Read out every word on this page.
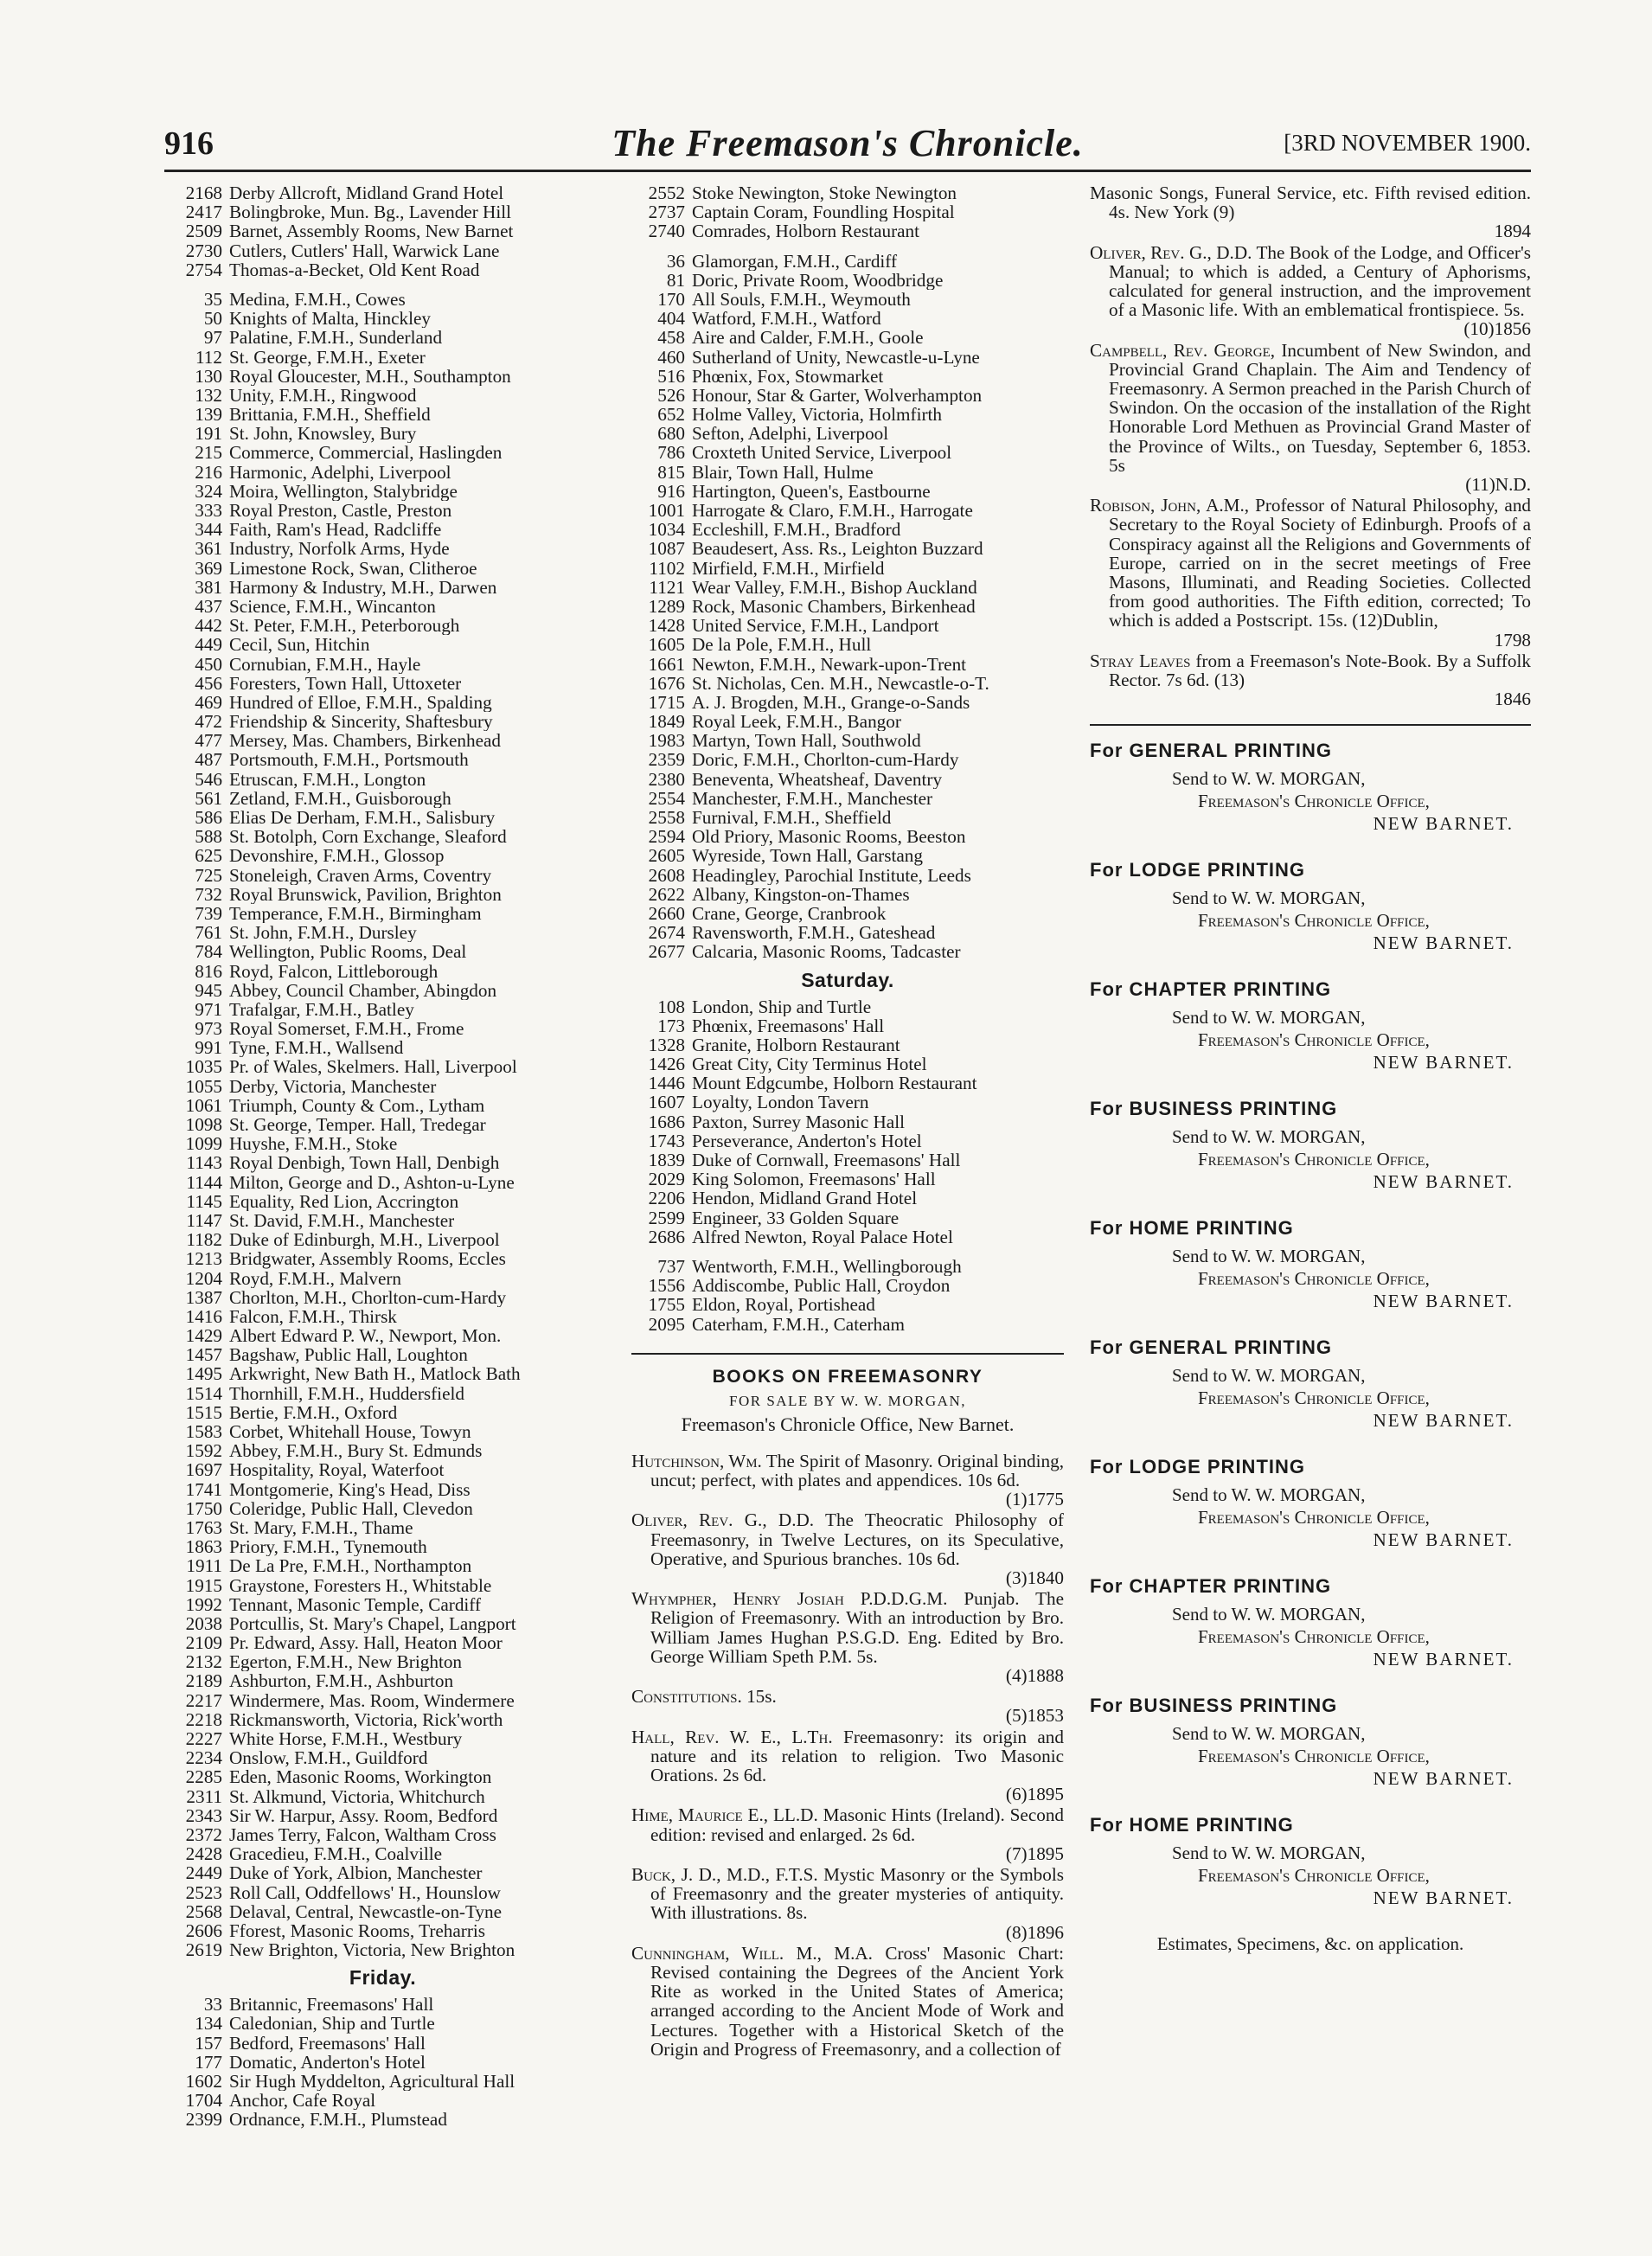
916	The Freemason's Chronicle.	[3RD NOVEMBER 1900.
2168 Derby Allcroft, Midland Grand Hotel
2417 Bolingbroke, Mun. Bg., Lavender Hill
2509 Barnet, Assembly Rooms, New Barnet
2730 Cutlers, Cutlers' Hall, Warwick Lane
2754 Thomas-a-Becket, Old Kent Road
35 Medina, F.M.H., Cowes
50 Knights of Malta, Hinckley
97 Palatine, F.M.H., Sunderland
112 St. George, F.M.H., Exeter
130 Royal Gloucester, M.H., Southampton
132 Unity, F.M.H., Ringwood
139 Brittania, F.M.H., Sheffield
191 St. John, Knowsley, Bury
215 Commerce, Commercial, Haslingden
216 Harmonic, Adelphi, Liverpool
324 Moira, Wellington, Stalybridge
333 Royal Preston, Castle, Preston
344 Faith, Ram's Head, Radcliffe
361 Industry, Norfolk Arms, Hyde
369 Limestone Rock, Swan, Clitheroe
381 Harmony & Industry, M.H., Darwen
437 Science, F.M.H., Wincanton
442 St. Peter, F.M.H., Peterborough
449 Cecil, Sun, Hitchin
450 Cornubian, F.M.H., Hayle
456 Foresters, Town Hall, Uttoxeter
469 Hundred of Elloe, F.M.H., Spalding
472 Friendship & Sincerity, Shaftesbury
477 Mersey, Mas. Chambers, Birkenhead
487 Portsmouth, F.M.H., Portsmouth
546 Etruscan, F.M.H., Longton
561 Zetland, F.M.H., Guisborough
586 Elias De Derham, F.M.H., Salisbury
588 St. Botolph, Corn Exchange, Sleaford
625 Devonshire, F.M.H., Glossop
725 Stoneleigh, Craven Arms, Coventry
732 Royal Brunswick, Pavilion, Brighton
739 Temperance, F.M.H., Birmingham
761 St. John, F.M.H., Dursley
784 Wellington, Public Rooms, Deal
816 Royd, Falcon, Littleborough
945 Abbey, Council Chamber, Abingdon
971 Trafalgar, F.M.H., Batley
973 Royal Somerset, F.M.H., Frome
991 Tyne, F.M.H., Wallsend
1035 Pr. of Wales, Skelmers. Hall, Liverpool
1055 Derby, Victoria, Manchester
1061 Triumph, County & Com., Lytham
1098 St. George, Temper. Hall, Tredegar
1099 Huyshe, F.M.H., Stoke
1143 Royal Denbigh, Town Hall, Denbigh
1144 Milton, George and D., Ashton-u-Lyne
1145 Equality, Red Lion, Accrington
1147 St. David, F.M.H., Manchester
1182 Duke of Edinburgh, M.H., Liverpool
1213 Bridgwater, Assembly Rooms, Eccles
1204 Royd, F.M.H., Malvern
1387 Chorlton, M.H., Chorlton-cum-Hardy
1416 Falcon, F.M.H., Thirsk
1429 Albert Edward P. W., Newport, Mon.
1457 Bagshaw, Public Hall, Loughton
1495 Arkwright, New Bath H., Matlock Bath
1514 Thornhill, F.M.H., Huddersfield
1515 Bertie, F.M.H., Oxford
1583 Corbet, Whitehall House, Towyn
1592 Abbey, F.M.H., Bury St. Edmunds
1697 Hospitality, Royal, Waterfoot
1741 Montgomerie, King's Head, Diss
1750 Coleridge, Public Hall, Clevedon
1763 St. Mary, F.M.H., Thame
1863 Priory, F.M.H., Tynemouth
1911 De La Pre, F.M.H., Northampton
1915 Graystone, Foresters H., Whitstable
1992 Tennant, Masonic Temple, Cardiff
2038 Portcullis, St. Mary's Chapel, Langport
2109 Pr. Edward, Assy. Hall, Heaton Moor
2132 Egerton, F.M.H., New Brighton
2189 Ashburton, F.M.H., Ashburton
2217 Windermere, Mas. Room, Windermere
2218 Rickmansworth, Victoria, Rick'worth
2227 White Horse, F.M.H., Westbury
2234 Onslow, F.M.H., Guildford
2285 Eden, Masonic Rooms, Workington
2311 St. Alkmund, Victoria, Whitchurch
2343 Sir W. Harpur, Assy. Room, Bedford
2372 James Terry, Falcon, Waltham Cross
2428 Gracedieu, F.M.H., Coalville
2449 Duke of York, Albion, Manchester
2523 Roll Call, Oddfellows' H., Hounslow
2568 Delaval, Central, Newcastle-on-Tyne
2606 Fforest, Masonic Rooms, Treharris
2619 New Brighton, Victoria, New Brighton
Friday.
33 Britannic, Freemasons' Hall
134 Caledonian, Ship and Turtle
157 Bedford, Freemasons' Hall
177 Domatic, Anderton's Hotel
1602 Sir Hugh Myddelton, Agricultural Hall
1704 Anchor, Cafe Royal
2399 Ordnance, F.M.H., Plumstead
2552 Stoke Newington, Stoke Newington
2737 Captain Coram, Foundling Hospital
2740 Comrades, Holborn Restaurant
36 Glamorgan, F.M.H., Cardiff
81 Doric, Private Room, Woodbridge
170 All Souls, F.M.H., Weymouth
404 Watford, F.M.H., Watford
458 Aire and Calder, F.M.H., Goole
460 Sutherland of Unity, Newcastle-u-Lyne
516 Phœnix, Fox, Stowmarket
526 Honour, Star & Garter, Wolverhampton
652 Holme Valley, Victoria, Holmfirth
680 Sefton, Adelphi, Liverpool
786 Croxteth United Service, Liverpool
815 Blair, Town Hall, Hulme
916 Hartington, Queen's, Eastbourne
1001 Harrogate & Claro, F.M.H., Harrogate
1034 Eccleshill, F.M.H., Bradford
1087 Beaudesert, Ass. Rs., Leighton Buzzard
1102 Mirfield, F.M.H., Mirfield
1121 Wear Valley, F.M.H., Bishop Auckland
1289 Rock, Masonic Chambers, Birkenhead
1428 United Service, F.M.H., Landport
1605 De la Pole, F.M.H., Hull
1661 Newton, F.M.H., Newark-upon-Trent
1676 St. Nicholas, Cen. M.H., Newcastle-o-T.
1715 A. J. Brogden, M.H., Grange-o-Sands
1849 Royal Leek, F.M.H., Bangor
1983 Martyn, Town Hall, Southwold
2359 Doric, F.M.H., Chorlton-cum-Hardy
2380 Beneventa, Wheatsheaf, Daventry
2554 Manchester, F.M.H., Manchester
2558 Furnival, F.M.H., Sheffield
2594 Old Priory, Masonic Rooms, Beeston
2605 Wyreside, Town Hall, Garstang
2608 Headingley, Parochial Institute, Leeds
2622 Albany, Kingston-on-Thames
2660 Crane, George, Cranbrook
2674 Ravensworth, F.M.H., Gateshead
2677 Calcaria, Masonic Rooms, Tadcaster
Saturday.
108 London, Ship and Turtle
173 Phœnix, Freemasons' Hall
1328 Granite, Holborn Restaurant
1426 Great City, City Terminus Hotel
1446 Mount Edgcumbe, Holborn Restaurant
1607 Loyalty, London Tavern
1686 Paxton, Surrey Masonic Hall
1743 Perseverance, Anderton's Hotel
1839 Duke of Cornwall, Freemasons' Hall
2029 King Solomon, Freemasons' Hall
2206 Hendon, Midland Grand Hotel
2599 Engineer, 33 Golden Square
2686 Alfred Newton, Royal Palace Hotel
737 Wentworth, F.M.H., Wellingborough
1556 Addiscombe, Public Hall, Croydon
1755 Eldon, Royal, Portishead
2095 Caterham, F.M.H., Caterham
BOOKS ON FREEMASONRY
FOR SALE BY W. W. MORGAN,
Freemason's Chronicle Office, New Barnet.
Hutchinson, Wm. The Spirit of Masonry. Original binding, uncut; perfect, with plates and appendices. 10s 6d.
(1)1775
Oliver, Rev. G., D.D. The Theocratic Philosophy of Freemasonry, in Twelve Lectures, on its Speculative, Operative, and Spurious branches. 10s 6d.
(3)1840
Whympher, Henry Josiah P.D.D.G.M. Punjab. The Religion of Freemasonry. With an introduction by Bro. William James Hughan P.S.G.D. Eng. Edited by Bro. George William Speth P.M. 5s.
(4)1888
Constitutions. 15s.
(5)1853
Hall, Rev. W. E., L.Th. Freemasonry: its origin and nature and its relation to religion. Two Masonic Orations. 2s 6d.
(6)1895
Hime, Maurice E., LL.D. Masonic Hints (Ireland). Second edition: revised and enlarged. 2s 6d.
(7)1895
Buck, J. D., M.D., F.T.S. Mystic Masonry or the Symbols of Freemasonry and the greater mysteries of antiquity. With illustrations. 8s.
(8)1896
Cunningham, Will. M., M.A. Cross' Masonic Chart: Revised containing the Degrees of the Ancient York Rite as worked in the United States of America; arranged according to the Ancient Mode of Work and Lectures. Together with a Historical Sketch of the Origin and Progress of Freemasonry, and a collection of
Masonic Songs, Funeral Service, etc. Fifth revised edition. 4s. New York (9)
1894
Oliver, Rev. G., D.D. The Book of the Lodge, and Officer's Manual; to which is added, a Century of Aphorisms, calculated for general instruction, and the improvement of a Masonic life. With an emblematical frontispiece. 5s.
(10)1856
Campbell, Rev. George, Incumbent of New Swindon, and Provincial Grand Chaplain. The Aim and Tendency of Freemasonry. A Sermon preached in the Parish Church of Swindon. On the occasion of the installation of the Right Honorable Lord Methuen as Provincial Grand Master of the Province of Wilts., on Tuesday, September 6, 1853. 5s
(11)N.D.
Robison, John, A.M., Professor of Natural Philosophy, and Secretary to the Royal Society of Edinburgh. Proofs of a Conspiracy against all the Religions and Governments of Europe, carried on in the secret meetings of Free Masons, Illuminati, and Reading Societies. Collected from good authorities. The Fifth edition, corrected; To which is added a Postscript. 15s. (12)Dublin,
1798
Stray Leaves from a Freemason's Note-Book. By a Suffolk Rector. 7s 6d. (13)
1846
For GENERAL PRINTING
Send to W. W. MORGAN,
Freemason's Chronicle Office,
NEW BARNET.
For LODGE PRINTING
Send to W. W. MORGAN,
Freemason's Chronicle Office,
NEW BARNET.
For CHAPTER PRINTING
Send to W. W. MORGAN,
Freemason's Chronicle Office,
NEW BARNET.
For BUSINESS PRINTING
Send to W. W. MORGAN,
Freemason's Chronicle Office,
NEW BARNET.
For HOME PRINTING
Send to W. W. MORGAN,
Freemason's Chronicle Office,
NEW BARNET.
For GENERAL PRINTING
Send to W. W. MORGAN,
Freemason's Chronicle Office,
NEW BARNET.
For LODGE PRINTING
Send to W. W. MORGAN,
Freemason's Chronicle Office,
NEW BARNET.
For CHAPTER PRINTING
Send to W. W. MORGAN,
Freemason's Chronicle Office,
NEW BARNET.
For BUSINESS PRINTING
Send to W. W. MORGAN,
Freemason's Chronicle Office,
NEW BARNET.
For HOME PRINTING
Send to W. W. MORGAN,
Freemason's Chronicle Office,
NEW BARNET.
Estimates, Specimens, &c. on application.
